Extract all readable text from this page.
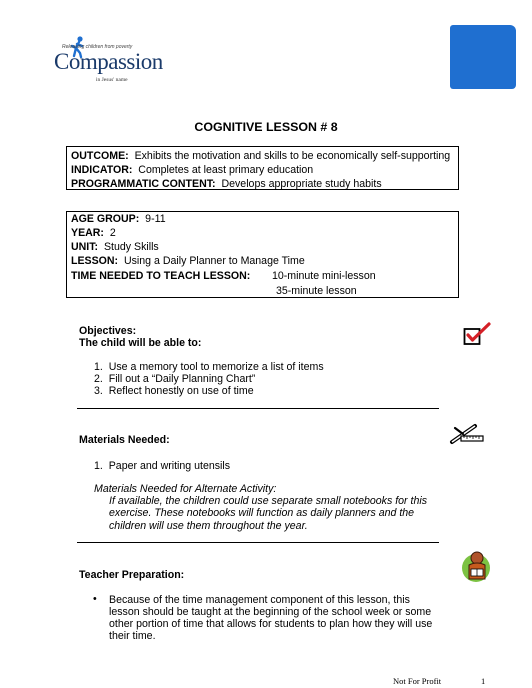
Releasing children from poverty
Compassion
in Jesus' name
COGNITIVE LESSON # 8
OUTCOME: Exhibits the motivation and skills to be economically self-supporting
INDICATOR: Completes at least primary education
PROGRAMMATIC CONTENT: Develops appropriate study habits
AGE GROUP: 9-11
YEAR: 2
UNIT: Study Skills
LESSON: Using a Daily Planner to Manage Time
TIME NEEDED TO TEACH LESSON: 10-minute mini-lesson
35-minute lesson
Objectives:
The child will be able to:
1. Use a memory tool to memorize a list of items
2. Fill out a “Daily Planning Chart”
3. Reflect honestly on use of time
Materials Needed:
1. Paper and writing utensils
Materials Needed for Alternate Activity:
If available, the children could use separate small notebooks for this
exercise. These notebooks will function as daily planners and the
children will use them throughout the year.
Teacher Preparation:
• Because of the time management component of this lesson, this
lesson should be taught at the beginning of the school week or some
other portion of time that allows for students to plan how they will use
their time.
Not For Profit	1
